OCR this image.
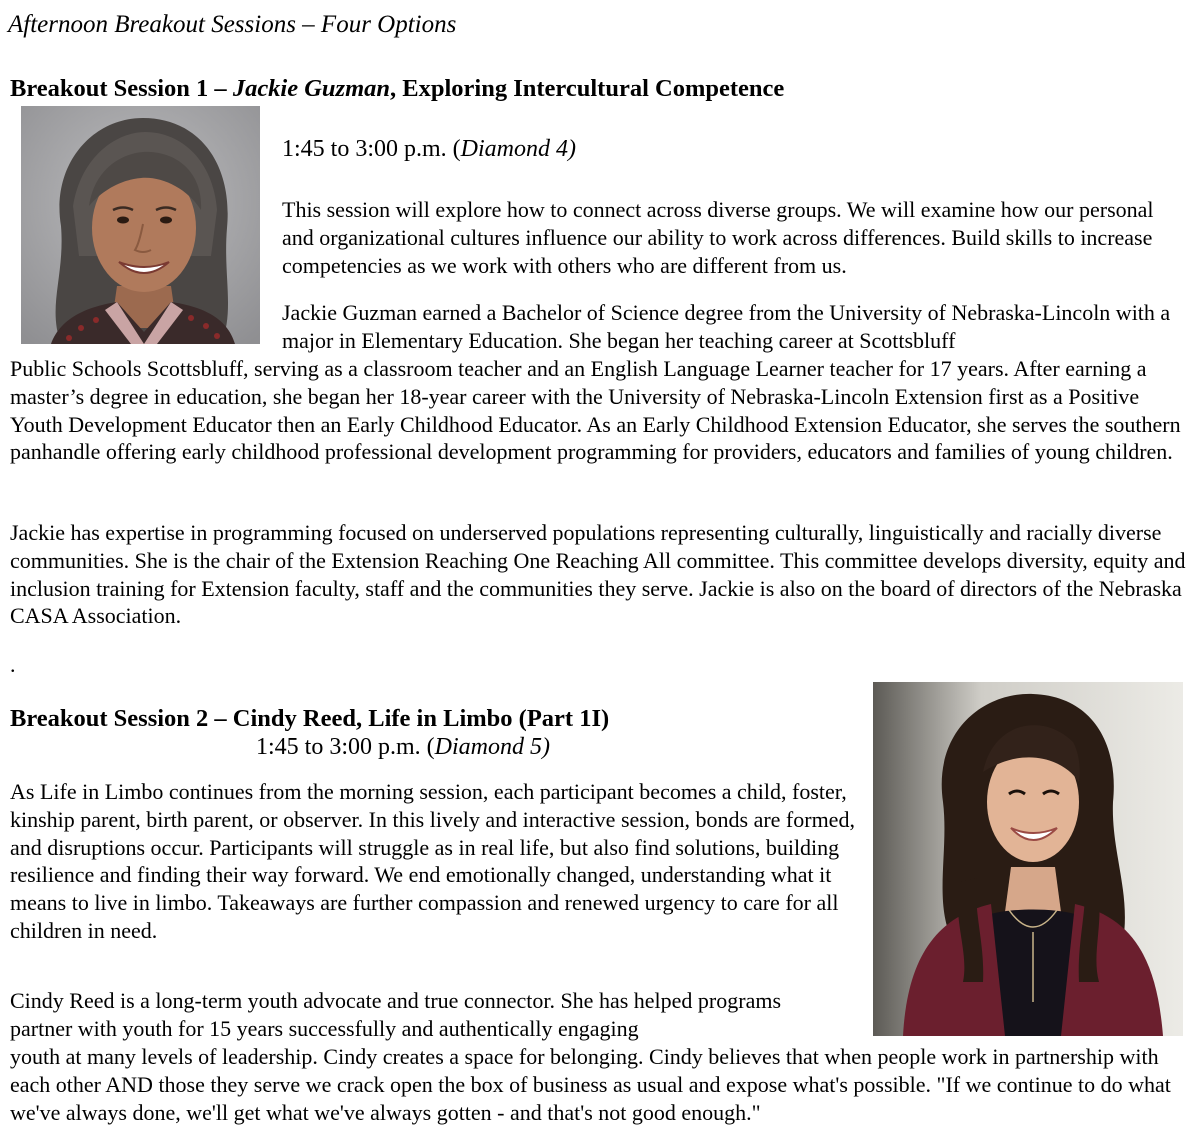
Afternoon Breakout Sessions – Four Options
Breakout Session 1 – Jackie Guzman, Exploring Intercultural Competence
1:45 to 3:00 p.m. (Diamond 4)
This session will explore how to connect across diverse groups. We will examine how our personal and organizational cultures influence our ability to work across differences. Build skills to increase competencies as we work with others who are different from us.
Jackie Guzman earned a Bachelor of Science degree from the University of Nebraska-Lincoln with a major in Elementary Education. She began her teaching career at Scottsbluff
Public Schools Scottsbluff, serving as a classroom teacher and an English Language Learner teacher for 17 years. After earning a master’s degree in education, she began her 18-year career with the University of Nebraska-Lincoln Extension first as a Positive Youth Development Educator then an Early Childhood Educator. As an Early Childhood Extension Educator, she serves the southern panhandle offering early childhood professional development programming for providers, educators and families of young children.
Jackie has expertise in programming focused on underserved populations representing culturally, linguistically and racially diverse communities. She is the chair of the Extension Reaching One Reaching All committee. This committee develops diversity, equity and inclusion training for Extension faculty, staff and the communities they serve. Jackie is also on the board of directors of the Nebraska CASA Association.
.
Breakout Session 2 – Cindy Reed, Life in Limbo (Part 1I)
1:45 to 3:00 p.m. (Diamond 5)
As Life in Limbo continues from the morning session, each participant becomes a child, foster, kinship parent, birth parent, or observer. In this lively and interactive session, bonds are formed, and disruptions occur. Participants will struggle as in real life, but also find solutions, building resilience and finding their way forward. We end emotionally changed, understanding what it means to live in limbo. Takeaways are further compassion and renewed urgency to care for all children in need.
Cindy Reed is a long-term youth advocate and true connector. She has helped programs partner with youth for 15 years successfully and authentically engaging
youth at many levels of leadership. Cindy creates a space for belonging. Cindy believes that when people work in partnership with each other AND those they serve we crack open the box of business as usual and expose what's possible. "If we continue to do what we've always done, we'll get what we've always gotten - and that's not good enough."
